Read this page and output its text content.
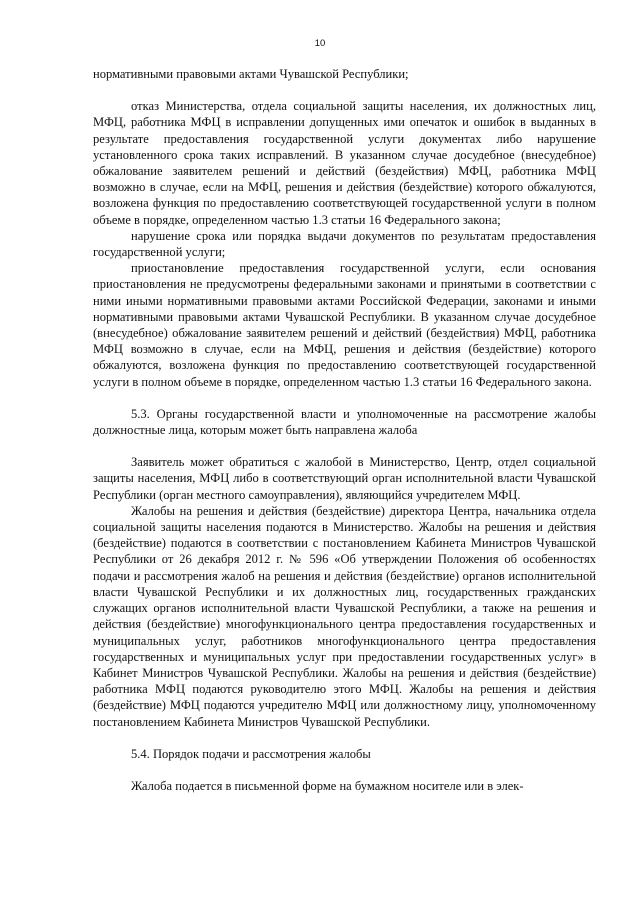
10

нормативными правовыми актами Чувашской Республики;

отказ Министерства, отдела социальной защиты населения, их должностных лиц, МФЦ, работника МФЦ в исправлении допущенных ими опечаток и ошибок в выданных в результате предоставления государственной услуги документах либо нарушение установленного срока таких исправлений. В указанном случае досудебное (внесудебное) обжалование заявителем решений и действий (бездействия) МФЦ, работника МФЦ возможно в случае, если на МФЦ, решения и действия (бездействие) которого обжалуются, возложена функция по предоставлению соответствующей государственной услуги в полном объеме в порядке, определенном частью 1.3 статьи 16 Федерального закона;

нарушение срока или порядка выдачи документов по результатам предоставления государственной услуги;

приостановление предоставления государственной услуги, если основания приостановления не предусмотрены федеральными законами и принятыми в соответствии с ними иными нормативными правовыми актами Российской Федерации, законами и иными нормативными правовыми актами Чувашской Республики. В указанном случае досудебное (внесудебное) обжалование заявителем решений и действий (бездействия) МФЦ, работника МФЦ возможно в случае, если на МФЦ, решения и действия (бездействие) которого обжалуются, возложена функция по предоставлению соответствующей государственной услуги в полном объеме в порядке, определенном частью 1.3 статьи 16 Федерального закона.

5.3. Органы государственной власти и уполномоченные на рассмотрение жалобы должностные лица, которым может быть направлена жалоба

Заявитель может обратиться с жалобой в Министерство, Центр, отдел социальной защиты населения, МФЦ либо в соответствующий орган исполнительной власти Чувашской Республики (орган местного самоуправления), являющийся учредителем МФЦ.

Жалобы на решения и действия (бездействие) директора Центра, начальника отдела социальной защиты населения подаются в Министерство. Жалобы на решения и действия (бездействие) подаются в соответствии с постановлением Кабинета Министров Чувашской Республики от 26 декабря 2012 г. № 596 «Об утверждении Положения об особенностях подачи и рассмотрения жалоб на решения и действия (бездействие) органов исполнительной власти Чувашской Республики и их должностных лиц, государственных гражданских служащих органов исполнительной власти Чувашской Республики, а также на решения и действия (бездействие) многофункционального центра предоставления государственных и муниципальных услуг, работников многофункционального центра предоставления государственных и муниципальных услуг при предоставлении государственных услуг» в Кабинет Министров Чувашской Республики. Жалобы на решения и действия (бездействие) работника МФЦ подаются руководителю этого МФЦ. Жалобы на решения и действия (бездействие) МФЦ подаются учредителю МФЦ или должностному лицу, уполномоченному постановлением Кабинета Министров Чувашской Республики.

5.4. Порядок подачи и рассмотрения жалобы

Жалоба подается в письменной форме на бумажном носителе или в элек-
